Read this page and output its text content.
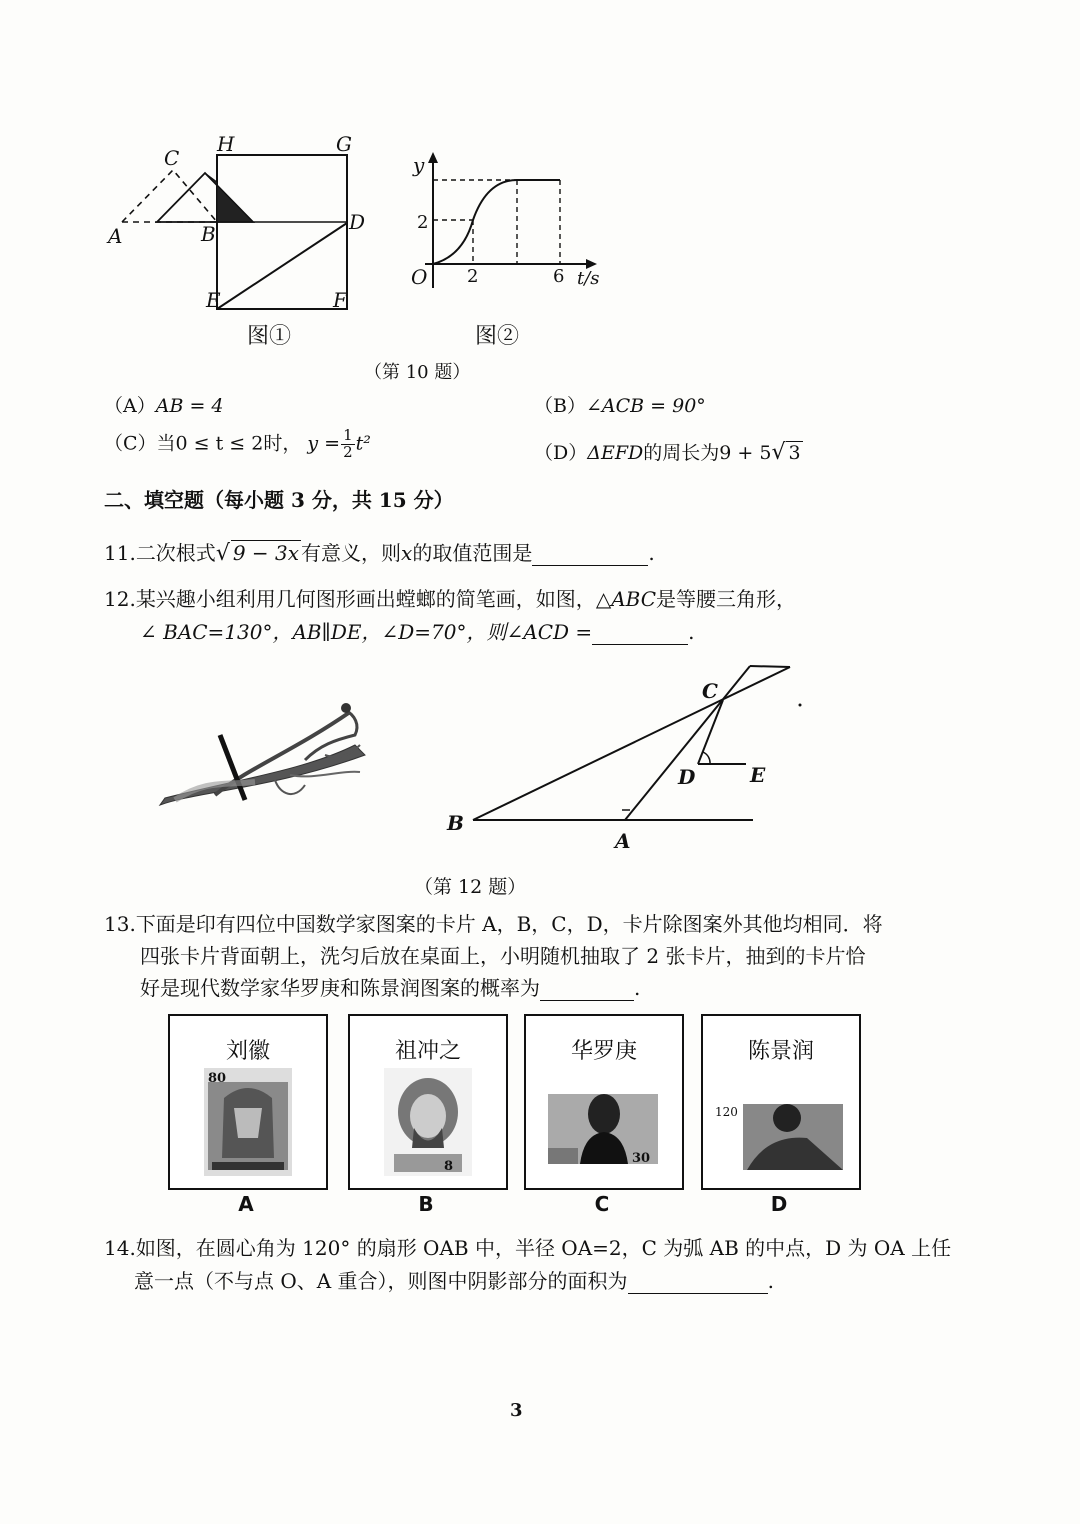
C
H	G
A	B	D
E	F
图①
y
2
O 2	6 t/s
图②
（第 10 题）
（A）AB = 4	（B）∠ACB = 90°
（C）当0 ≤ t ≤ 2时， $y = \frac{1}{2} t^2$	（D）ΔEFD的周长为9 + 5√ 3
二、填空题（每小题 3 分，共 15 分）
11.二次根式√ 9 − 3x 有意义，则x的取值范围是	.
12.某兴趣小组利用几何图形画出螳螂的简笔画，如图，△ABC是等腰三角形，
∠ BAC=130°，AB∥DE，∠D=70°，则∠ACD =	.
C
D	E
B
A
（第 12 题）
13.下面是印有四位中国数学家图案的卡片 A，B，C，D，卡片除图案外其他均相同．将
四张卡片背面朝上，洗匀后放在桌面上，小明随机抽取了 2 张卡片，抽到的卡片恰
好是现代数学家华罗庚和陈景润图案的概率为	.
刘徽
80
A
祖冲之
8
B
华罗庚
30
C
陈景润
120
D
14.如图，在圆心角为 120° 的扇形 OAB 中，半径 OA=2，C 为弧 AB 的中点，D 为 OA 上任
意一点（不与点 O、A 重合），则图中阴影部分的面积为	.
3
